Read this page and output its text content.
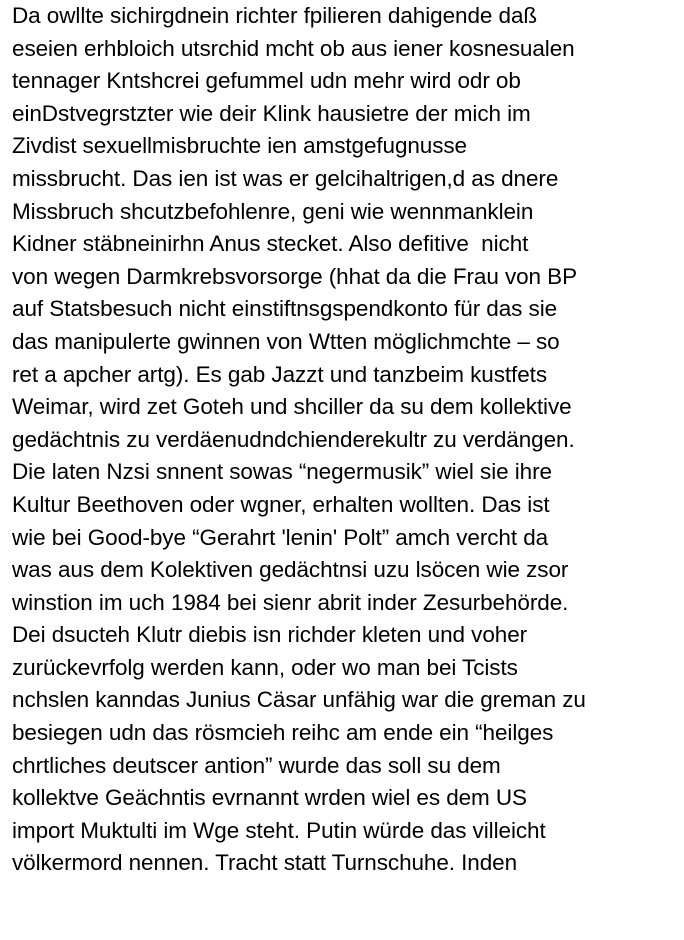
Da owllte sichirgdnein richter fpilieren dahigende daß
eseien erhbloich utsrchid mcht ob aus iener kosnesualen
tennager Kntshcrei gefummel udn mehr wird odr ob
einDstvegrstzter wie deir Klink hausietre der mich im
Zivdist sexuellmisbruchte ien amstgefugnusse
missbrucht. Das ien ist was er gelcihaltrigen,d as dnere
Missbruch shcutzbefohlenre, geni wie wennmanklein
Kidner stäbneinirhn Anus stecket. Also defitive  nicht
von wegen Darmkrebsvorsorge (hhat da die Frau von BP
auf Statsbesuch nicht einstiftnsgspendkonto für das sie
das manipulerte gwinnen von Wtten möglichmchte – so
ret a apcher artg). Es gab Jazzt und tanzbeim kustfets
Weimar, wird zet Goteh und shciller da su dem kollektive
gedächtnis zu verdäenudndchienderekultr zu verdängen.
Die laten Nzsi snnent sowas “negermusik” wiel sie ihre
Kultur Beethoven oder wgner, erhalten wollten. Das ist
wie bei Good-bye “Gerahrt 'lenin' Polt” amch vercht da
was aus dem Kolektiven gedächtnsi uzu lsöcen wie zsor
winstion im uch 1984 bei sienr abrit inder Zesurbehörde.
Dei dsucteh Klutr diebis isn richder kleten und voher
zurückevrfolg werden kann, oder wo man bei Tcists
nchslen kanndas Junius Cäsar unfähig war die greman zu
besiegen udn das rösmcieh reihc am ende ein “heilges
chrtliches deutscer antion” wurde das soll su dem
kollektve Geächntis evrnannt wrden wiel es dem US
import Muktulti im Wge steht. Putin würde das villeicht
völkermord nennen. Tracht statt Turnschuhe. Inden
